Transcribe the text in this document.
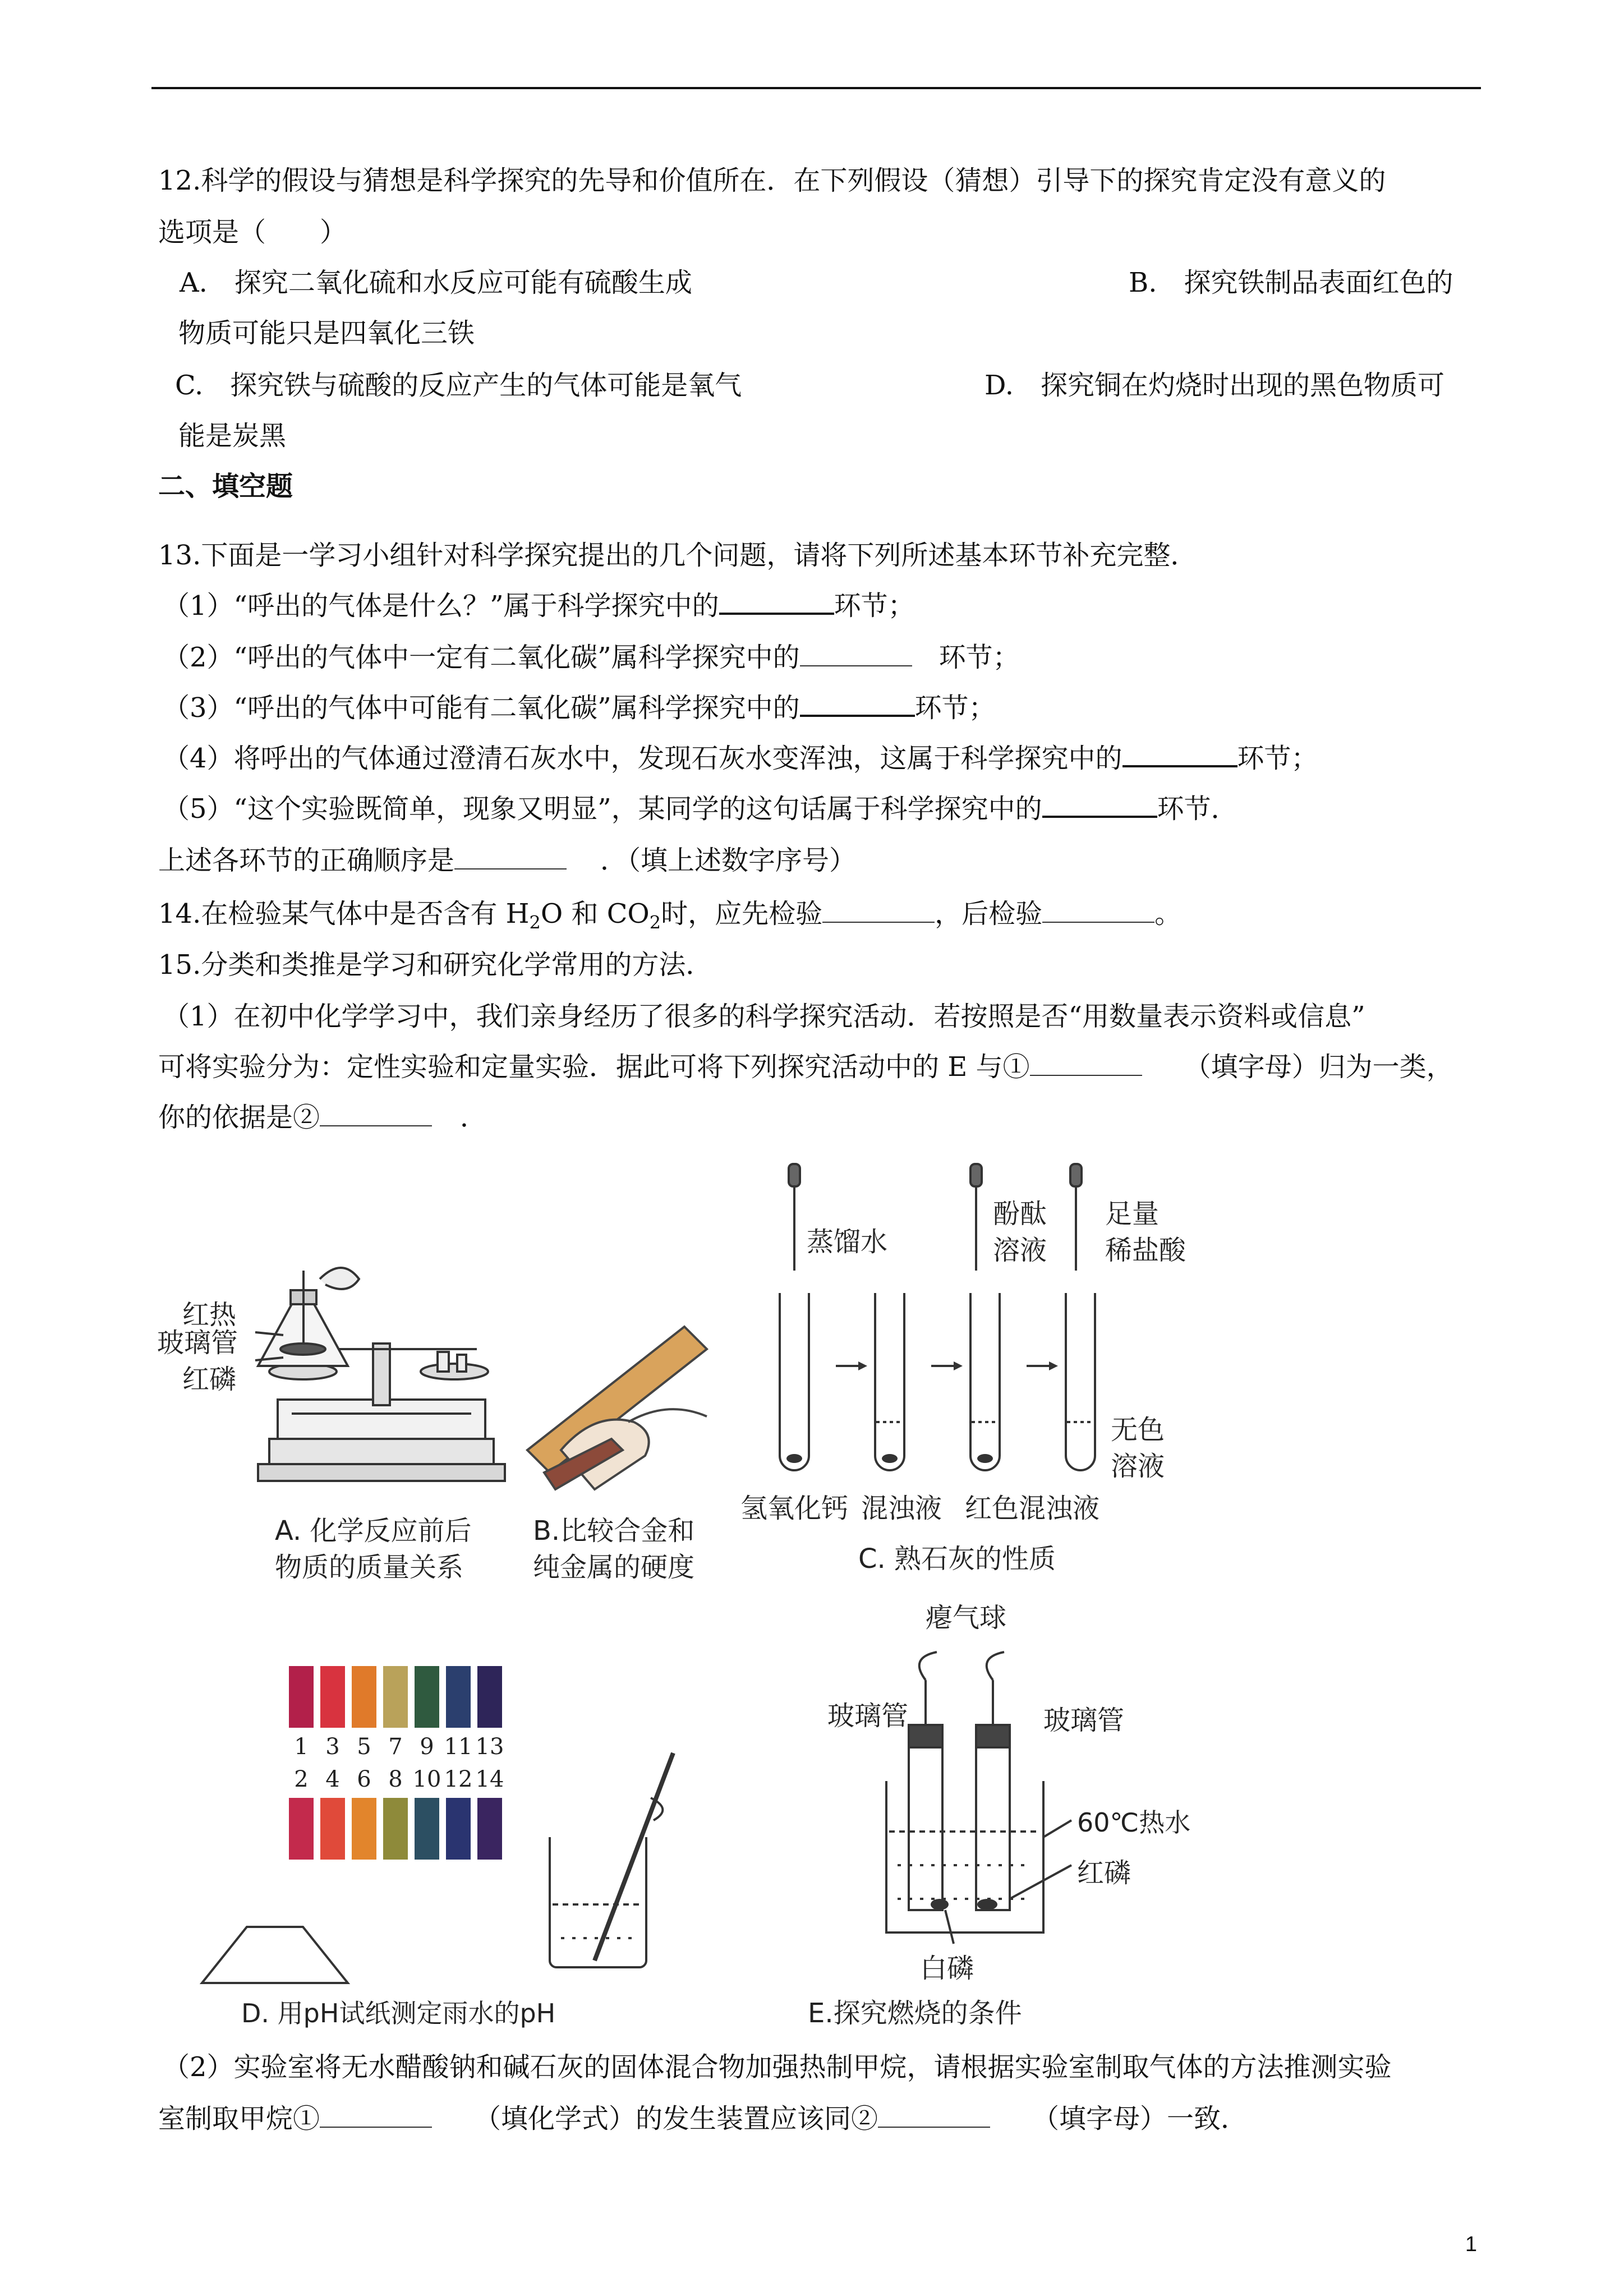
12.科学的假设与猜想是科学探究的先导和价值所在．在下列假设（猜想）引导下的探究肯定没有意义的
选项是（　　）
A.　探究二氧化硫和水反应可能有硫酸生成	B.　探究铁制品表面红色的
物质可能只是四氧化三铁
C.　探究铁与硫酸的反应产生的气体可能是氧气	D.　探究铜在灼烧时出现的黑色物质可
能是炭黑
二、填空题
13.下面是一学习小组针对科学探究提出的几个问题，请将下列所述基本环节补充完整．
（1）“呼出的气体是什么？”属于科学探究中的	环节；
（2）“呼出的气体中一定有二氧化碳”属科学探究中的	环节；
（3）“呼出的气体中可能有二氧化碳”属科学探究中的	环节；
（4）将呼出的气体通过澄清石灰水中，发现石灰水变浑浊，这属于科学探究中的	环节；
（5）“这个实验既简单，现象又明显”，某同学的这句话属于科学探究中的	环节．
上述各环节的正确顺序是	．（填上述数字序号）
14.在检验某气体中是否含有 $H_2O$ 和 $CO_2$时，应先检验	，后检验	。
15.分类和类推是学习和研究化学常用的方法．
（1）在初中化学学习中，我们亲身经历了很多的科学探究活动．若按照是否“用数量表示资料或信息”
可将实验分为：定性实验和定量实验．据此可将下列探究活动中的 E 与①	（填字母）归为一类，
你的依据是②	．
红热
玻璃管
红磷
A. 化学反应前后
物质的质量关系
B.比较合金和
纯金属的硬度
蒸馏水
酚酞
溶液
足量
稀盐酸
氢氧化钙 混浊液 红色混浊液
无色
溶液
C. 熟石灰的性质
1 3 5 7 9 11 13
2 4 6 8 10 12 14
D. 用pH试纸测定雨水的pH
瘪气球
玻璃管	玻璃管
60℃热水
红磷
白磷
E.探究燃烧的条件
（2）实验室将无水醋酸钠和碱石灰的固体混合物加强热制甲烷，请根据实验室制取气体的方法推测实验
室制取甲烷①	（填化学式）的发生装置应该同②	（填字母）一致．
1
